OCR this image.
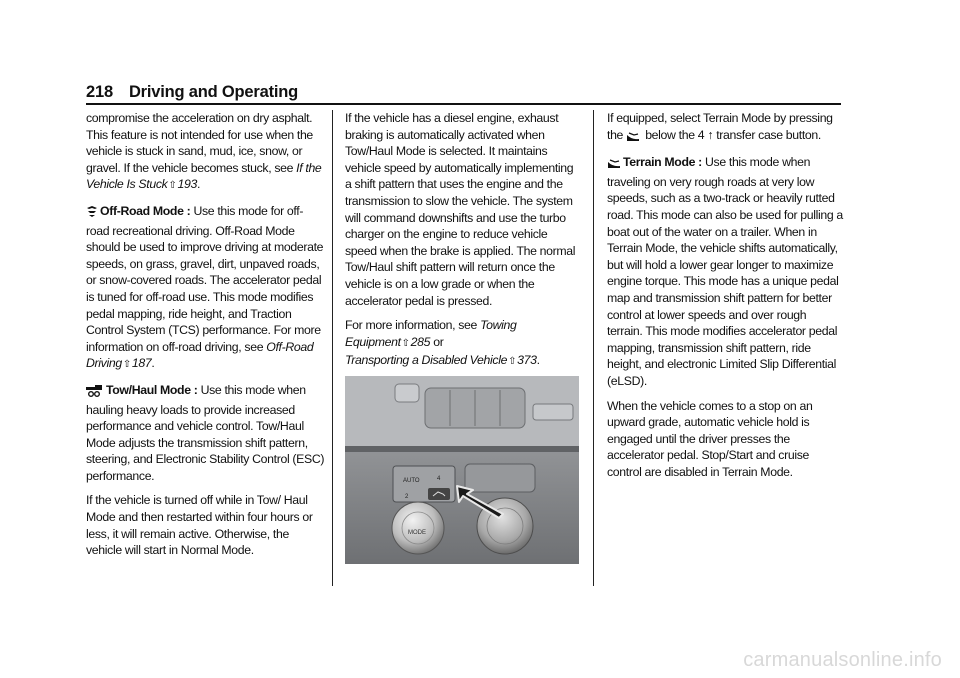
218 Driving and Operating

compromise the acceleration on dry asphalt. This feature is not intended for use when the vehicle is stuck in sand, mud, ice, snow, or gravel. If the vehicle becomes stuck, see If the Vehicle Is Stuck⇧193.

Off-Road Mode : Use this mode for off-road recreational driving. Off-Road Mode should be used to improve driving at moderate speeds, on grass, gravel, dirt, unpaved roads, or snow-covered roads. The accelerator pedal is tuned for off-road use. This mode modifies pedal mapping, ride height, and Traction Control System (TCS) performance. For more information on off-road driving, see Off-Road Driving⇧187.

Tow/Haul Mode : Use this mode when hauling heavy loads to provide increased performance and vehicle control. Tow/Haul Mode adjusts the transmission shift pattern, steering, and Electronic Stability Control (ESC) performance.

If the vehicle is turned off while in Tow/ Haul Mode and then restarted within four hours or less, it will remain active. Otherwise, the vehicle will start in Normal Mode.

If the vehicle has a diesel engine, exhaust braking is automatically activated when Tow/Haul Mode is selected. It maintains vehicle speed by automatically implementing a shift pattern that uses the engine and the transmission to slow the vehicle. The system will command downshifts and use the turbo charger on the engine to reduce vehicle speed when the brake is applied. The normal Tow/Haul shift pattern will return once the vehicle is on a low grade or when the accelerator pedal is pressed.

For more information, see Towing Equipment⇧285 or
Transporting a Disabled Vehicle⇧373.

AUTO	4
2
MODE

If equipped, select Terrain Mode by pressing the  below the 4 ↑ transfer case button.

Terrain Mode : Use this mode when traveling on very rough roads at very low speeds, such as a two-track or heavily rutted road. This mode can also be used for pulling a boat out of the water on a trailer. When in Terrain Mode, the vehicle shifts automatically, but will hold a lower gear longer to maximize engine torque. This mode has a unique pedal map and transmission shift pattern for better control at lower speeds and over rough terrain. This mode modifies accelerator pedal mapping, transmission shift pattern, ride height, and electronic Limited Slip Differential (eLSD).

When the vehicle comes to a stop on an upward grade, automatic vehicle hold is engaged until the driver presses the accelerator pedal. Stop/Start and cruise control are disabled in Terrain Mode.

carmanualsonline.info
